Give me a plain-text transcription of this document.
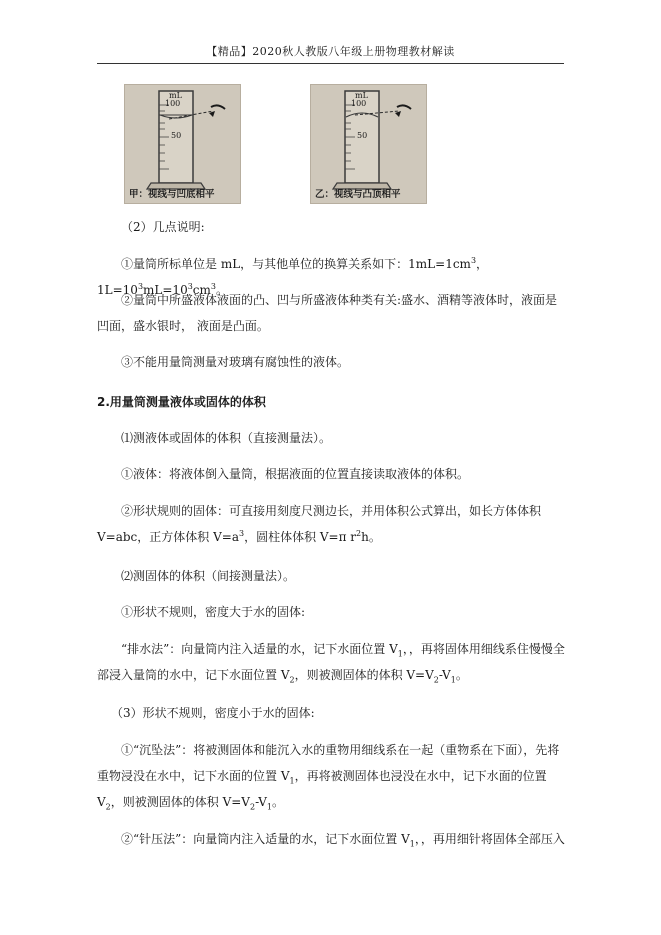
【精品】2020秋人教版八年级上册物理教材解读
mL
100
50
甲：视线与凹底相平
mL
100
50
乙：视线与凸顶相平
（2）几点说明:
①量筒所标单位是 mL，与其他单位的换算关系如下：$1mL=1cm^3$，$1L=10^3mL=10^3cm^3$。
②量筒中所盛液体液面的凸、凹与所盛液体种类有关:盛水、酒精等液体时，液面是凹面，盛水银时， 液面是凸面。
③不能用量筒测量对玻璃有腐蚀性的液体。
2.用量筒测量液体或固体的体积
⑴测液体或固体的体积（直接测量法）。
①液体：将液体倒入量筒，根据液面的位置直接读取液体的体积。
②形状规则的固体：可直接用刻度尺测边长，并用体积公式算出，如长方体体积 V=abc，正方体体积 $V=a^3$，圆柱体体积 V=π $r^2h$。
⑵测固体的体积（间接测量法）。
①形状不规则，密度大于水的固体:
“排水法”：向量筒内注入适量的水，记下水面位置 $V_1$，，再将固体用细线系住慢慢全部浸入量筒的水中，记下水面位置 $V_2$，则被测固体的体积 $V=V_2-V_1$。
（3）形状不规则，密度小于水的固体:
①“沉坠法”：将被测固体和能沉入水的重物用细线系在一起（重物系在下面），先将重物浸没在水中，记下水面的位置 $V_1$，再将被测固体也浸没在水中，记下水面的位置 $V_2$，则被测固体的体积 $V=V_2-V_1$。
②“针压法”：向量筒内注入适量的水，记下水面位置 $V_1$，，再用细针将固体全部压入
